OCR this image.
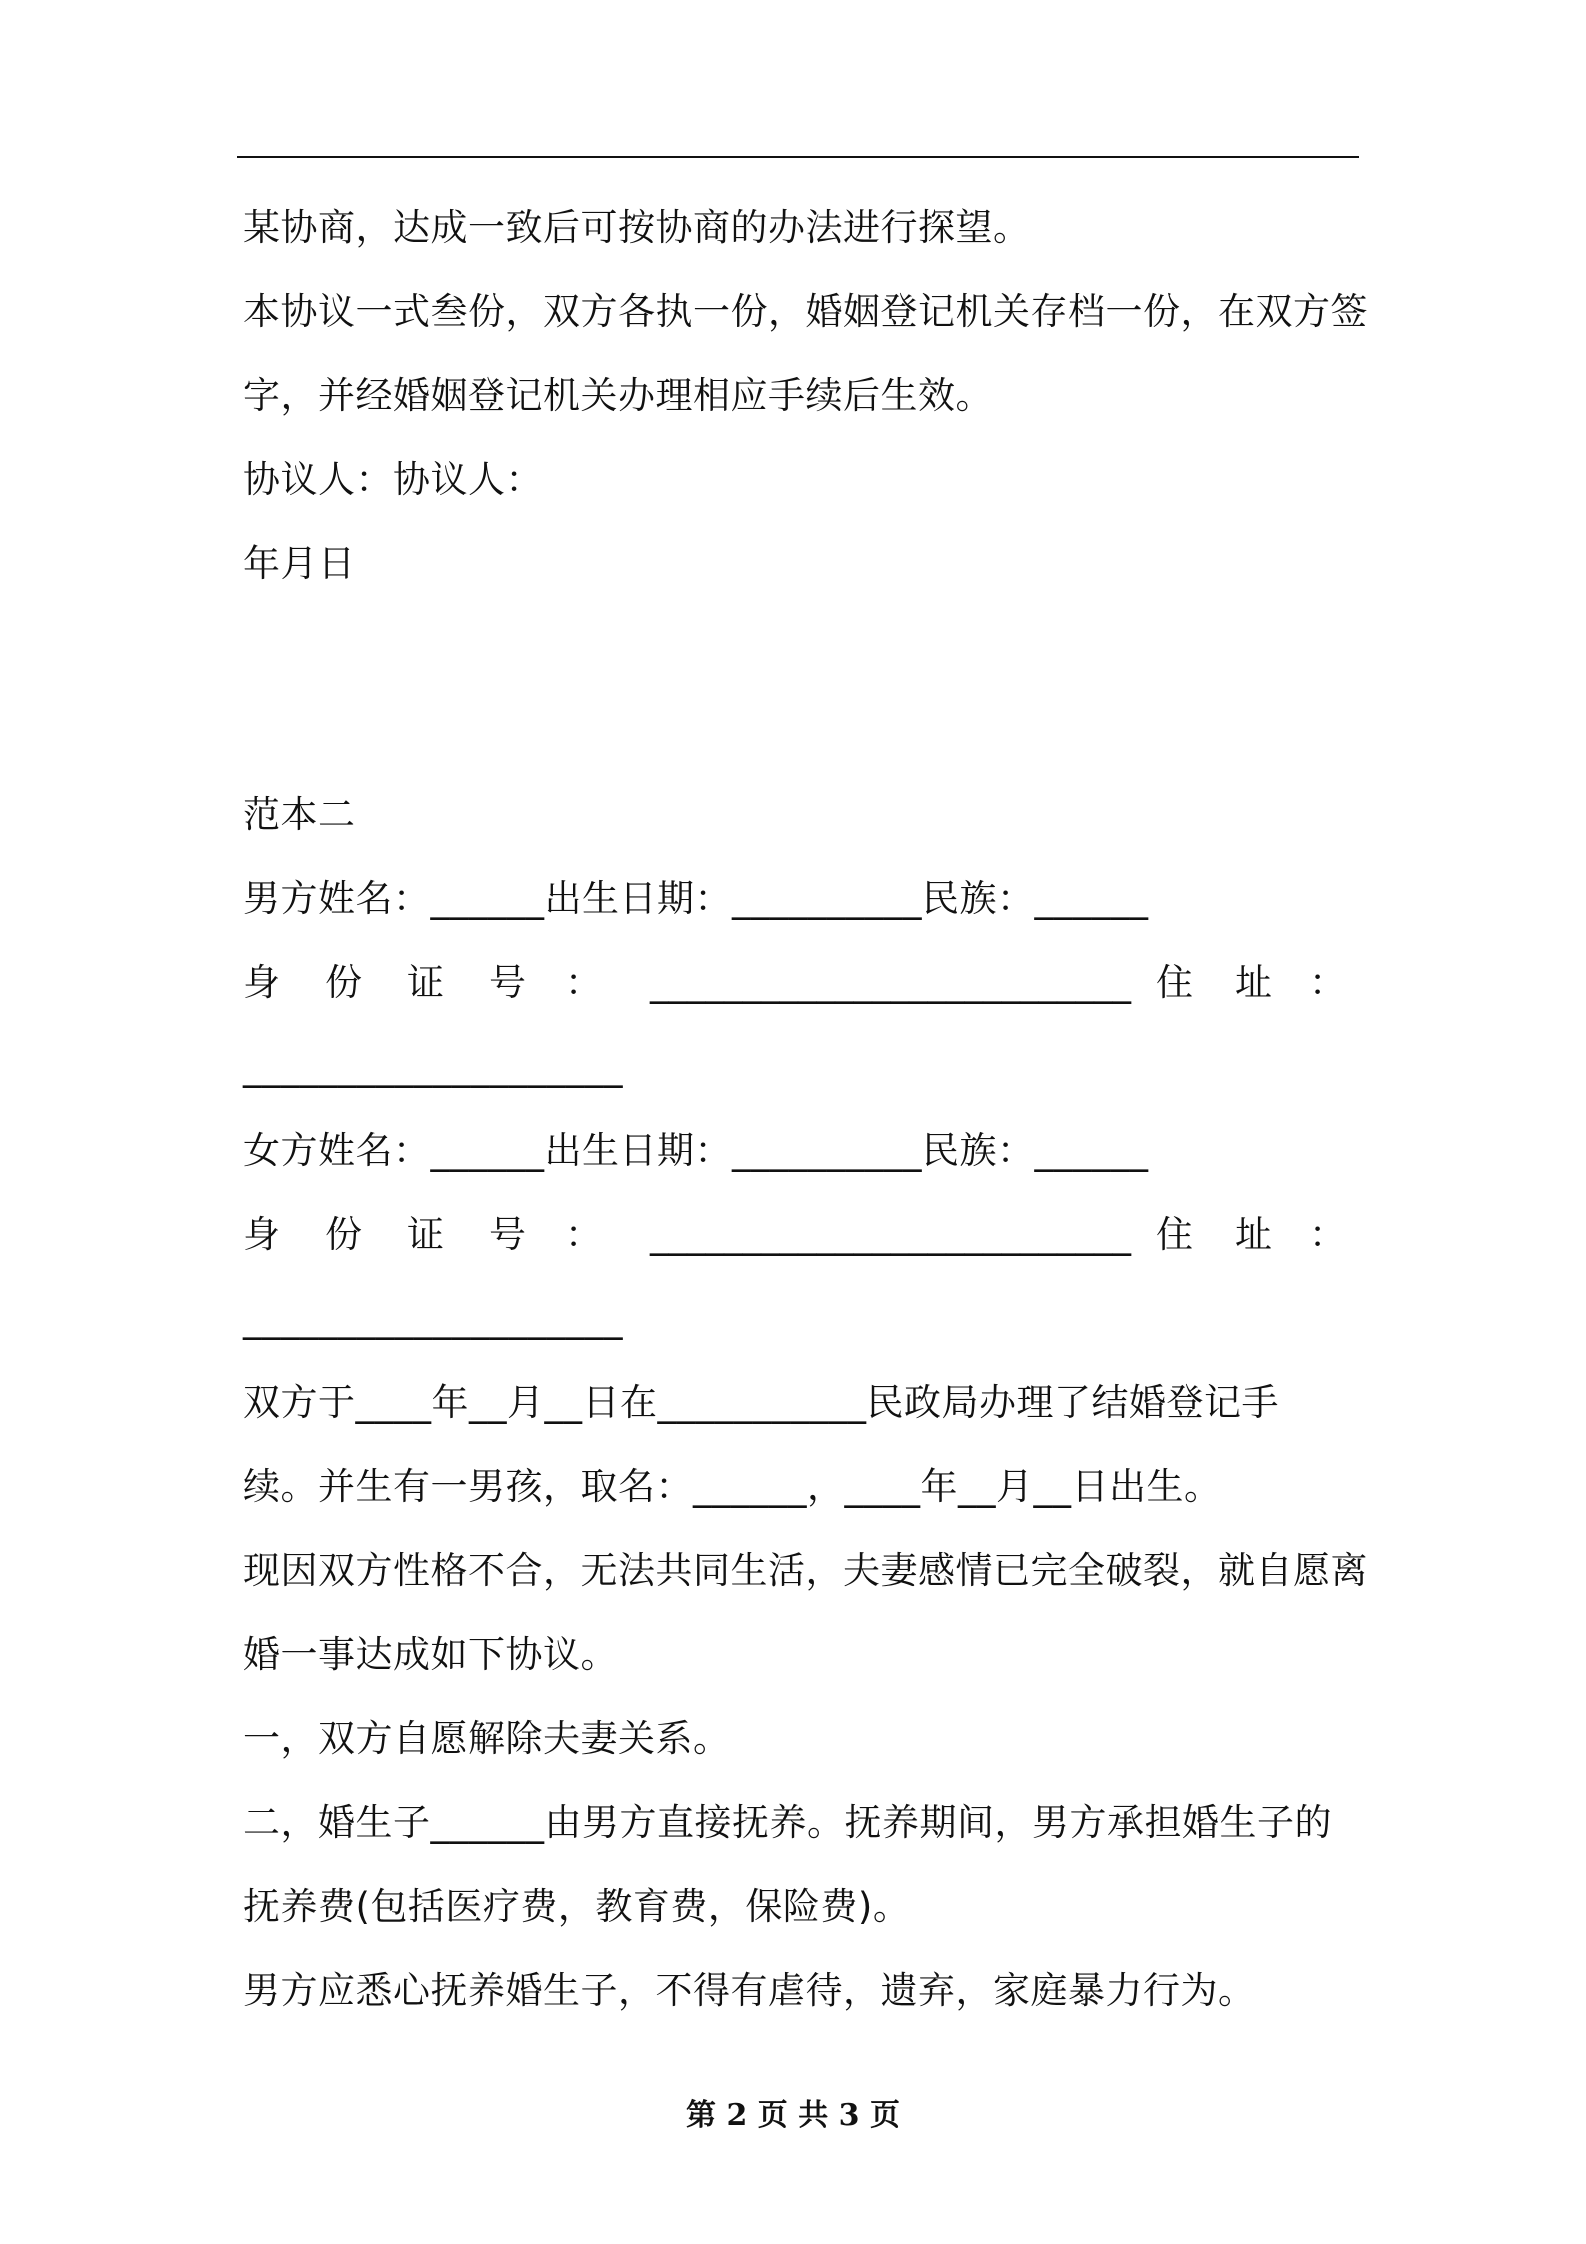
某协商，达成一致后可按协商的办法进行探望。
本协议一式叁份，双方各执一份，婚姻登记机关存档一份，在双方签
字，并经婚姻登记机关办理相应手续后生效。
协议人：协议人：
年月日
范本二
男方姓名：______出生日期：__________民族：______

身

份

证

号

：

__________________________

住

址

：

____________________
女方姓名：______出生日期：__________民族：______

身

份

证

号

：

__________________________

住

址

：

____________________
双方于____年__月__日在___________民政局办理了结婚登记手
续。并生有一男孩，取名：______，____年__月__日出生。
现因双方性格不合，无法共同生活，夫妻感情已完全破裂，就自愿离
婚一事达成如下协议。
一，双方自愿解除夫妻关系。
二，婚生子______由男方直接抚养。抚养期间，男方承担婚生子的
抚养费(包括医疗费，教育费，保险费)。
男方应悉心抚养婚生子，不得有虐待，遗弃，家庭暴力行为。
第 2 页 共 3 页
